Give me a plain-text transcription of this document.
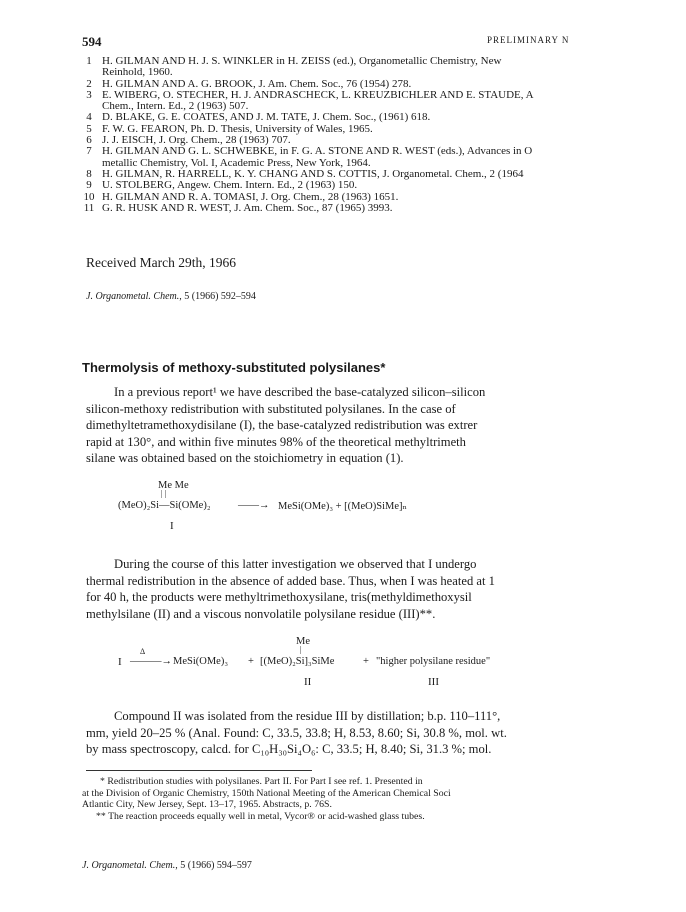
594	PRELIMINARY N
1 H. GILMAN AND H. J. S. WINKLER in H. ZEISS (ed.), Organometallic Chemistry, New
Reinhold, 1960.
2 H. GILMAN AND A. G. BROOK, J. Am. Chem. Soc., 76 (1954) 278.
3 E. WIBERG, O. STECHER, H. J. ANDRASCHECK, L. KREUZBICHLER AND E. STAUDE, A
Chem., Intern. Ed., 2 (1963) 507.
4 D. BLAKE, G. E. COATES, AND J. M. TATE, J. Chem. Soc., (1961) 618.
5 F. W. G. FEARON, Ph. D. Thesis, University of Wales, 1965.
6 J. J. EISCH, J. Org. Chem., 28 (1963) 707.
7 H. GILMAN AND G. L. SCHWEBKE, in F. G. A. STONE AND R. WEST (eds.), Advances in O
metallic Chemistry, Vol. I, Academic Press, New York, 1964.
8 H. GILMAN, R. HARRELL, K. Y. CHANG AND S. COTTIS, J. Organometal. Chem., 2 (1964
9 U. STOLBERG, Angew. Chem. Intern. Ed., 2 (1963) 150.
10 H. GILMAN AND R. A. TOMASI, J. Org. Chem., 28 (1963) 1651.
11 G. R. HUSK AND R. WEST, J. Am. Chem. Soc., 87 (1965) 3993.
Received March 29th, 1966
J. Organometal. Chem., 5 (1966) 592–594
Thermolysis of methoxy-substituted polysilanes*
In a previous report¹ we have described the base-catalyzed silicon–silicon
silicon-methoxy redistribution with substituted polysilanes. In the case of
dimethyltetramethoxydisilane (I), the base-catalyzed redistribution was extrer
rapid at 130°, and within five minutes 98% of the theoretical methyltrimeth
silane was obtained based on the stoichiometry in equation (1).
Me Me
| |
(MeO)₂Si—Si(OMe)₂	——→ MeSi(OMe)₃ + [(MeO)SiMe]ₙ
I
During the course of this latter investigation we observed that I undergo
thermal redistribution in the absence of added base. Thus, when I was heated at 1
for 40 h, the products were methyltrimethoxysilane, tris(methyldimethoxysil
methylsilane (II) and a viscous nonvolatile polysilane residue (III)**.
Me
|
I
Δ
———→ MeSi(OMe)₃ + [(MeO)₂Si]₃SiMe	+ "higher polysilane residue"
II	III
Compound II was isolated from the residue III by distillation; b.p. 110–111°,
mm, yield 20–25 % (Anal. Found: C, 33.5, 33.8; H, 8.53, 8.60; Si, 30.8 %, mol. wt.
by mass spectroscopy, calcd. for C₁₀H₃₀Si₄O₆: C, 33.5; H, 8.40; Si, 31.3 %; mol.
* Redistribution studies with polysilanes. Part II. For Part I see ref. 1. Presented in
at the Division of Organic Chemistry, 150th National Meeting of the American Chemical Soci
Atlantic City, New Jersey, Sept. 13–17, 1965. Abstracts, p. 76S.
** The reaction proceeds equally well in metal, Vycor® or acid-washed glass tubes.
J. Organometal. Chem., 5 (1966) 594–597
